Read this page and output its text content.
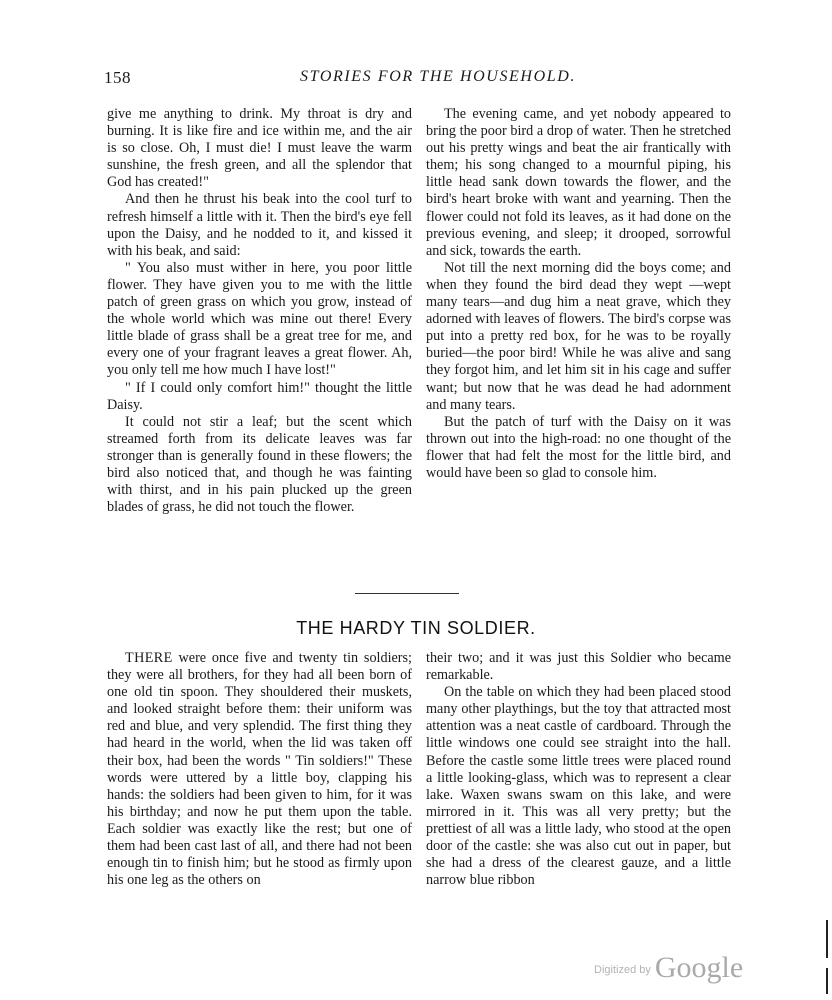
158	STORIES FOR THE HOUSEHOLD.

give me anything to drink. My throat is dry and burning. It is like fire and ice within me, and the air is so close. Oh, I must die! I must leave the warm sunshine, the fresh green, and all the splendor that God has created!"

And then he thrust his beak into the cool turf to refresh himself a little with it. Then the bird's eye fell upon the Daisy, and he nodded to it, and kissed it with his beak, and said:

" You also must wither in here, you poor little flower. They have given you to me with the little patch of green grass on which you grow, instead of the whole world which was mine out there! Every little blade of grass shall be a great tree for me, and every one of your fragrant leaves a great flower. Ah, you only tell me how much I have lost!"

" If I could only comfort him!" thought the little Daisy.

It could not stir a leaf; but the scent which streamed forth from its delicate leaves was far stronger than is generally found in these flowers; the bird also noticed that, and though he was fainting with thirst, and in his pain plucked up the green blades of grass, he did not touch the flower.

The evening came, and yet nobody appeared to bring the poor bird a drop of water. Then he stretched out his pretty wings and beat the air frantically with them; his song changed to a mournful piping, his little head sank down towards the flower, and the bird's heart broke with want and yearning. Then the flower could not fold its leaves, as it had done on the previous evening, and sleep; it drooped, sorrowful and sick, towards the earth.

Not till the next morning did the boys come; and when they found the bird dead they wept —wept many tears—and dug him a neat grave, which they adorned with leaves of flowers. The bird's corpse was put into a pretty red box, for he was to be royally buried—the poor bird! While he was alive and sang they forgot him, and let him sit in his cage and suffer want; but now that he was dead he had adornment and many tears.

But the patch of turf with the Daisy on it was thrown out into the high-road: no one thought of the flower that had felt the most for the little bird, and would have been so glad to console him.

THE HARDY TIN SOLDIER.

THERE were once five and twenty tin soldiers; they were all brothers, for they had all been born of one old tin spoon. They shouldered their muskets, and looked straight before them: their uniform was red and blue, and very splendid. The first thing they had heard in the world, when the lid was taken off their box, had been the words " Tin soldiers!" These words were uttered by a little boy, clapping his hands: the soldiers had been given to him, for it was his birthday; and now he put them upon the table. Each soldier was exactly like the rest; but one of them had been cast last of all, and there had not been enough tin to finish him; but he stood as firmly upon his one leg as the others on

their two; and it was just this Soldier who became remarkable.

On the table on which they had been placed stood many other playthings, but the toy that attracted most attention was a neat castle of cardboard. Through the little windows one could see straight into the hall. Before the castle some little trees were placed round a little looking-glass, which was to represent a clear lake. Waxen swans swam on this lake, and were mirrored in it. This was all very pretty; but the prettiest of all was a little lady, who stood at the open door of the castle: she was also cut out in paper, but she had a dress of the clearest gauze, and a little narrow blue ribbon

$^{Digitized by}$ Google
